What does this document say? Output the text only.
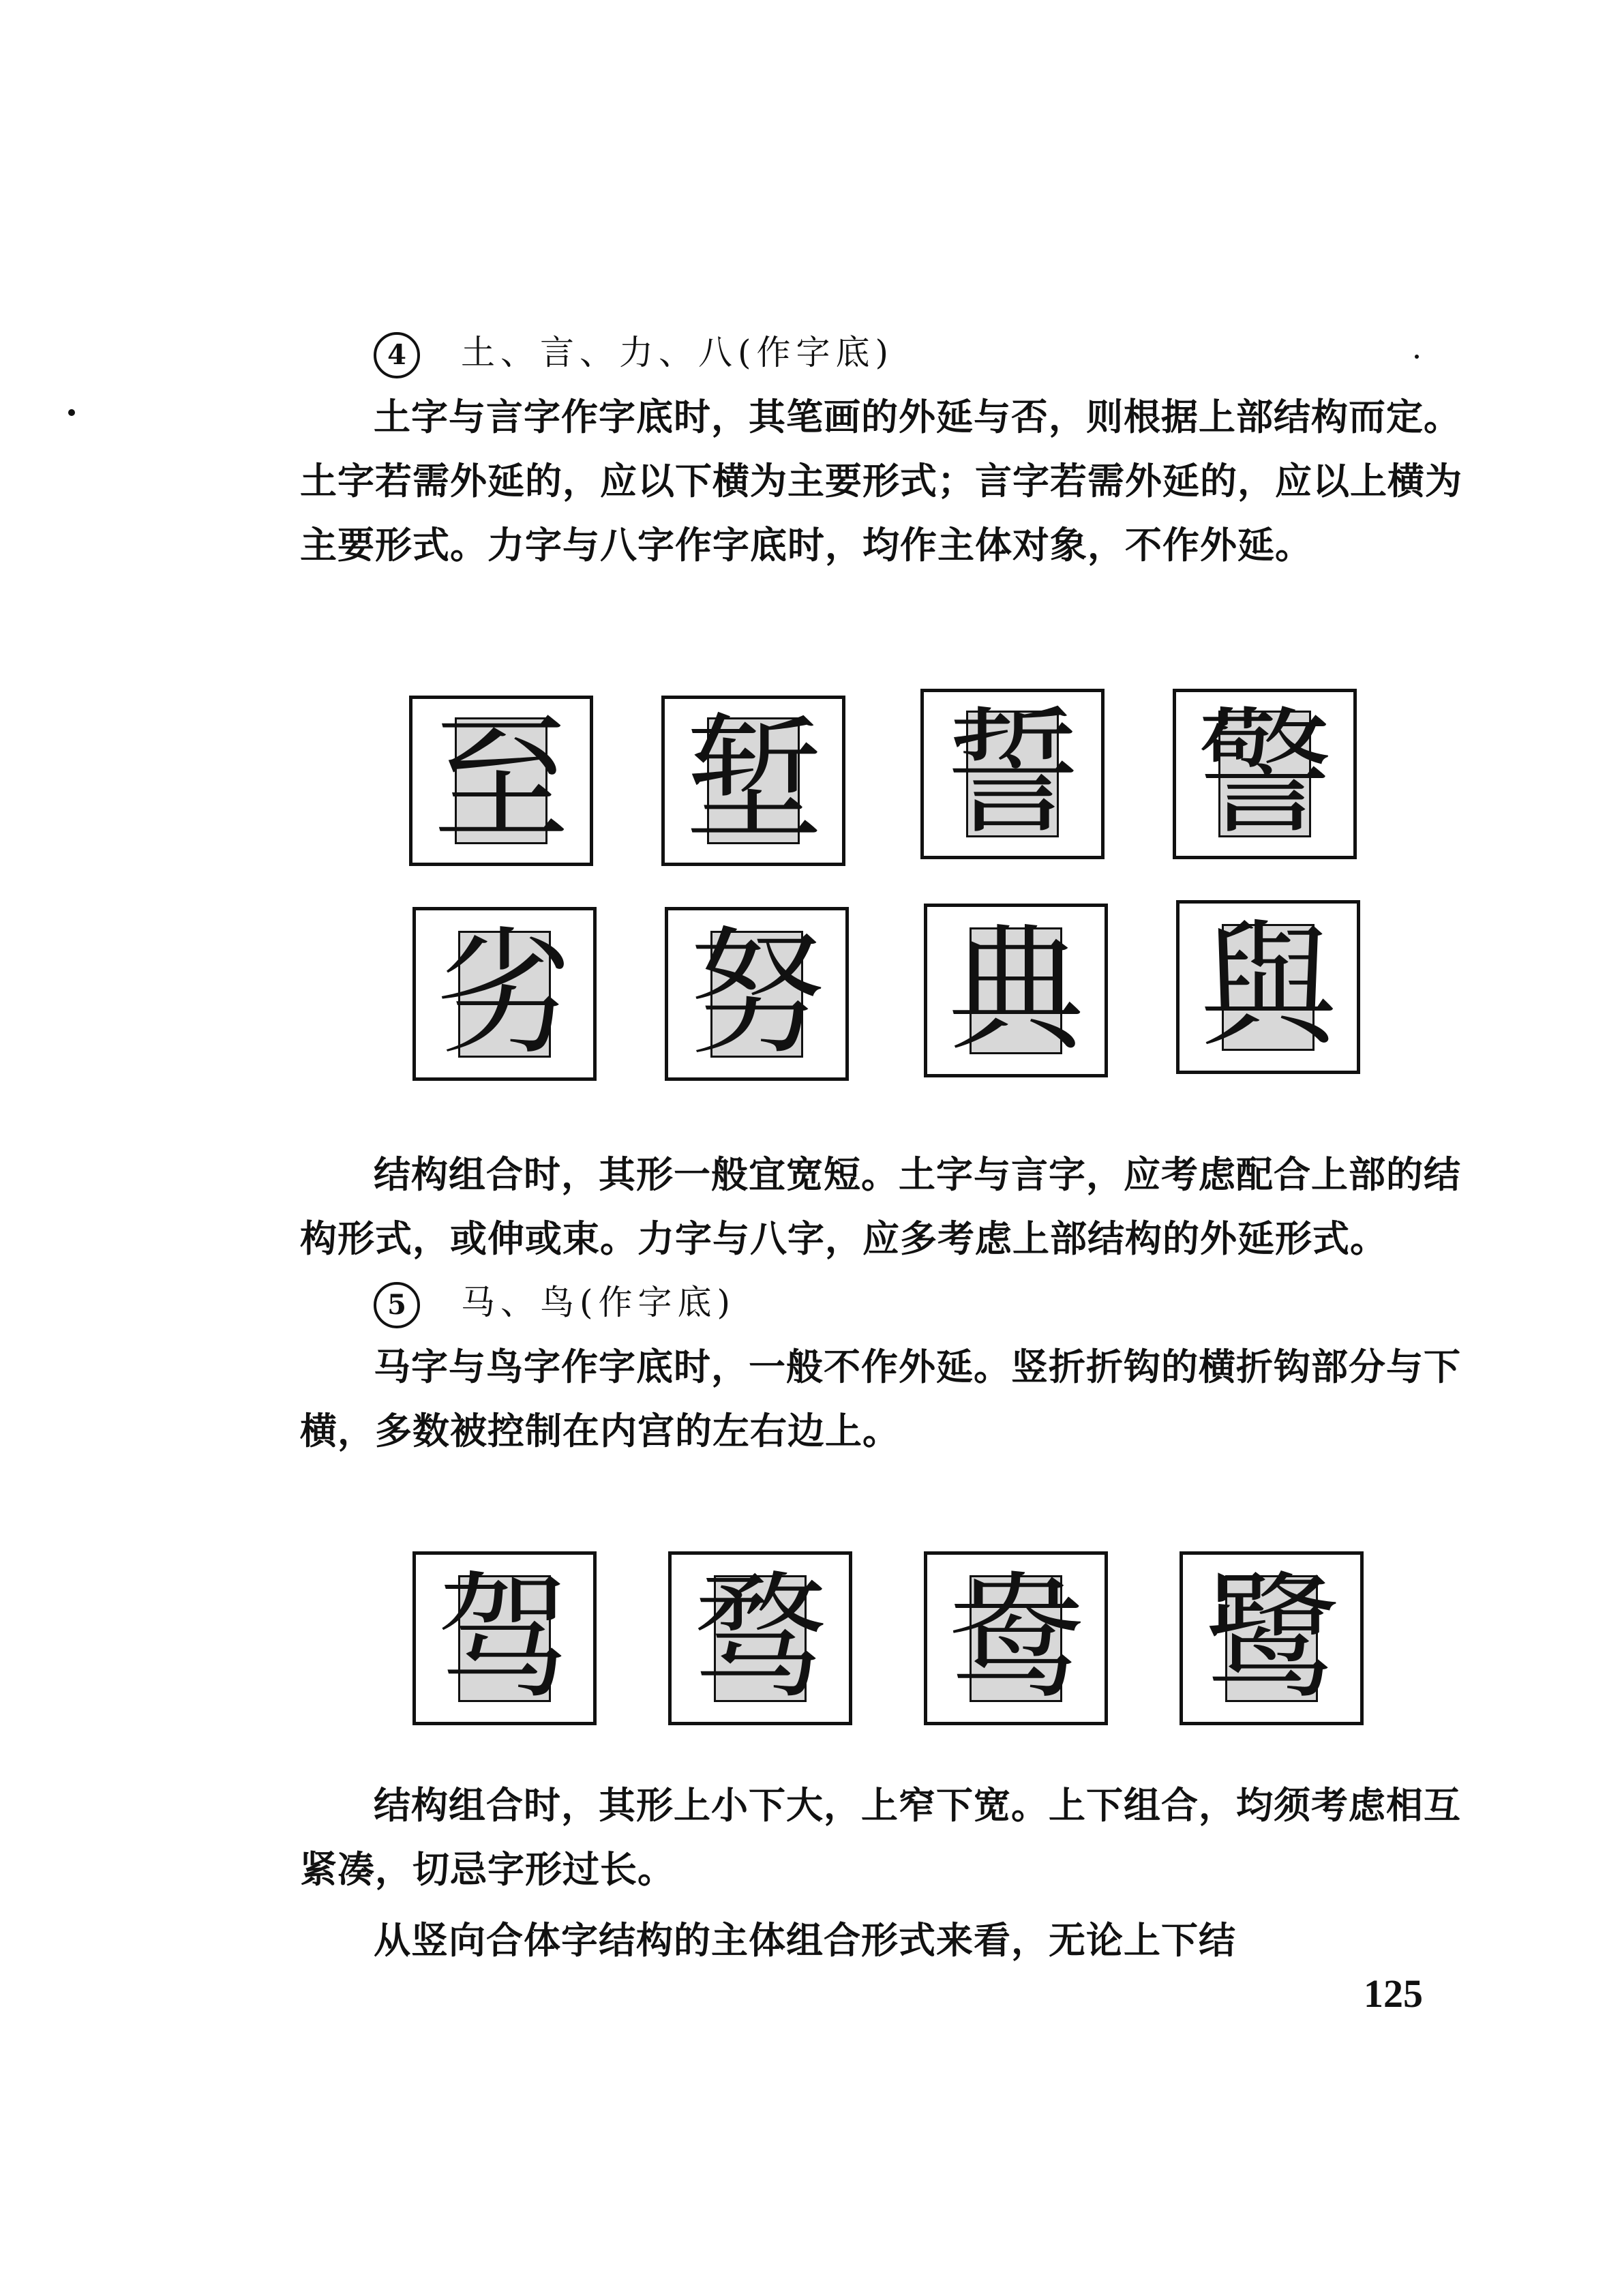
4 土、言、力、八(作字底)

土字与言字作字底时，其笔画的外延与否，则根据上部结构而定。土字若需外延的，应以下横为主要形式；言字若需外延的，应以上横为主要形式。力字与八字作字底时，均作主体对象，不作外延。

至 堑 誓 警
劣 努 典 與

结构组合时，其形一般宜宽短。土字与言字，应考虑配合上部的结构形式，或伸或束。力字与八字，应多考虑上部结构的外延形式。

5 马、鸟(作字底)

马字与鸟字作字底时，一般不作外延。竖折折钩的横折钩部分与下横，多数被控制在内宫的左右边上。

驾 骛 鸯 鹭

结构组合时，其形上小下大，上窄下宽。上下组合，均须考虑相互紧凑，切忌字形过长。

从竖向合体字结构的主体组合形式来看，无论上下结

125
